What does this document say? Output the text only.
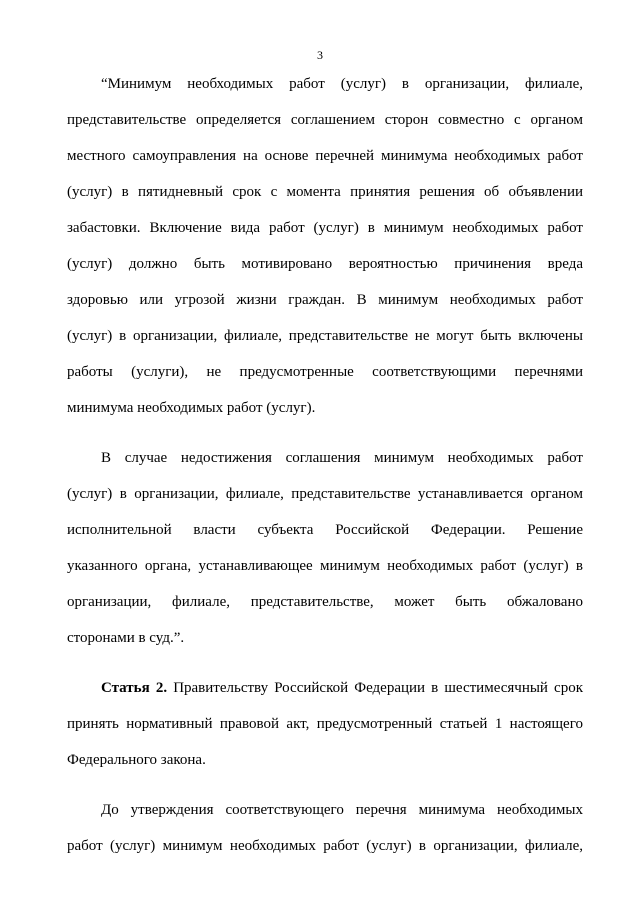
3
“Минимум необходимых работ (услуг) в организации, филиале,
представительстве определяется соглашением сторон совместно с органом
местного самоуправления на основе перечней минимума необходимых работ
(услуг) в пятидневный срок с момента принятия решения об объявлении
забастовки. Включение вида работ (услуг) в минимум необходимых работ
(услуг) должно быть мотивировано вероятностью причинения вреда
здоровью или угрозой жизни граждан. В минимум необходимых работ
(услуг) в организации, филиале, представительстве не могут быть включены
работы (услуги), не предусмотренные соответствующими перечнями
минимума необходимых работ (услуг).
В случае недостижения соглашения минимум необходимых работ
(услуг) в организации, филиале, представительстве устанавливается органом
исполнительной власти субъекта Российской Федерации. Решение
указанного органа, устанавливающее минимум необходимых работ (услуг) в
организации, филиале, представительстве, может быть обжаловано
сторонами в суд.”.
Статья 2. Правительству Российской Федерации в шестимесячный срок
принять нормативный правовой акт, предусмотренный статьей 1 настоящего
Федерального закона.
До утверждения соответствующего перечня минимума необходимых
работ (услуг) минимум необходимых работ (услуг) в организации, филиале,
